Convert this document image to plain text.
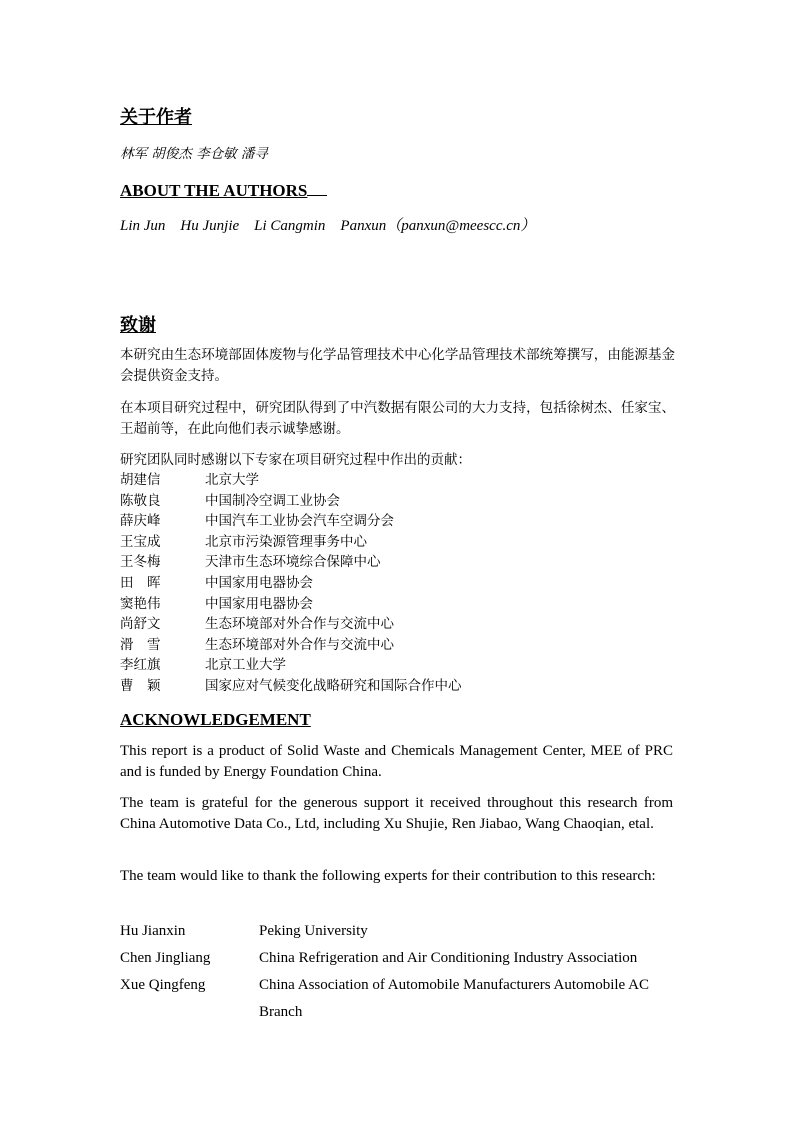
关于作者
林军 胡俊杰 李仓敏 潘寻
ABOUT THE AUTHORS
Lin Jun    Hu Junjie    Li Cangmin    Panxun（panxun@meescc.cn）
致谢

本研究由生态环境部固体废物与化学品管理技术中心化学品管理技术部统筹撰写，由能源基金会提供资金支持。

在本项目研究过程中，研究团队得到了中汽数据有限公司的大力支持，包括徐树杰、任家宝、王超前等，在此向他们表示诚挚感谢。

研究团队同时感谢以下专家在项目研究过程中作出的贡献：

胡建信	北京大学
陈敬良	中国制冷空调工业协会
薛庆峰	中国汽车工业协会汽车空调分会
王宝成	北京市污染源管理事务中心
王冬梅	天津市生态环境综合保障中心
田　晖	中国家用电器协会
窦艳伟	中国家用电器协会
尚舒文	生态环境部对外合作与交流中心
滑　雪	生态环境部对外合作与交流中心
李红旗	北京工业大学
曹　颖	国家应对气候变化战略研究和国际合作中心
ACKNOWLEDGEMENT

This report is a product of Solid Waste and Chemicals Management Center, MEE of PRC and is funded by Energy Foundation China.

The team is grateful for the generous support it received throughout this research from China Automotive Data Co., Ltd, including Xu Shujie, Ren Jiabao, Wang Chaoqian, etal.

The team would like to thank the following experts for their contribution to this research:

Hu Jianxin	Peking University
Chen Jingliang	China Refrigeration and Air Conditioning Industry Association
Xue Qingfeng	China Association of Automobile Manufacturers Automobile AC Branch
